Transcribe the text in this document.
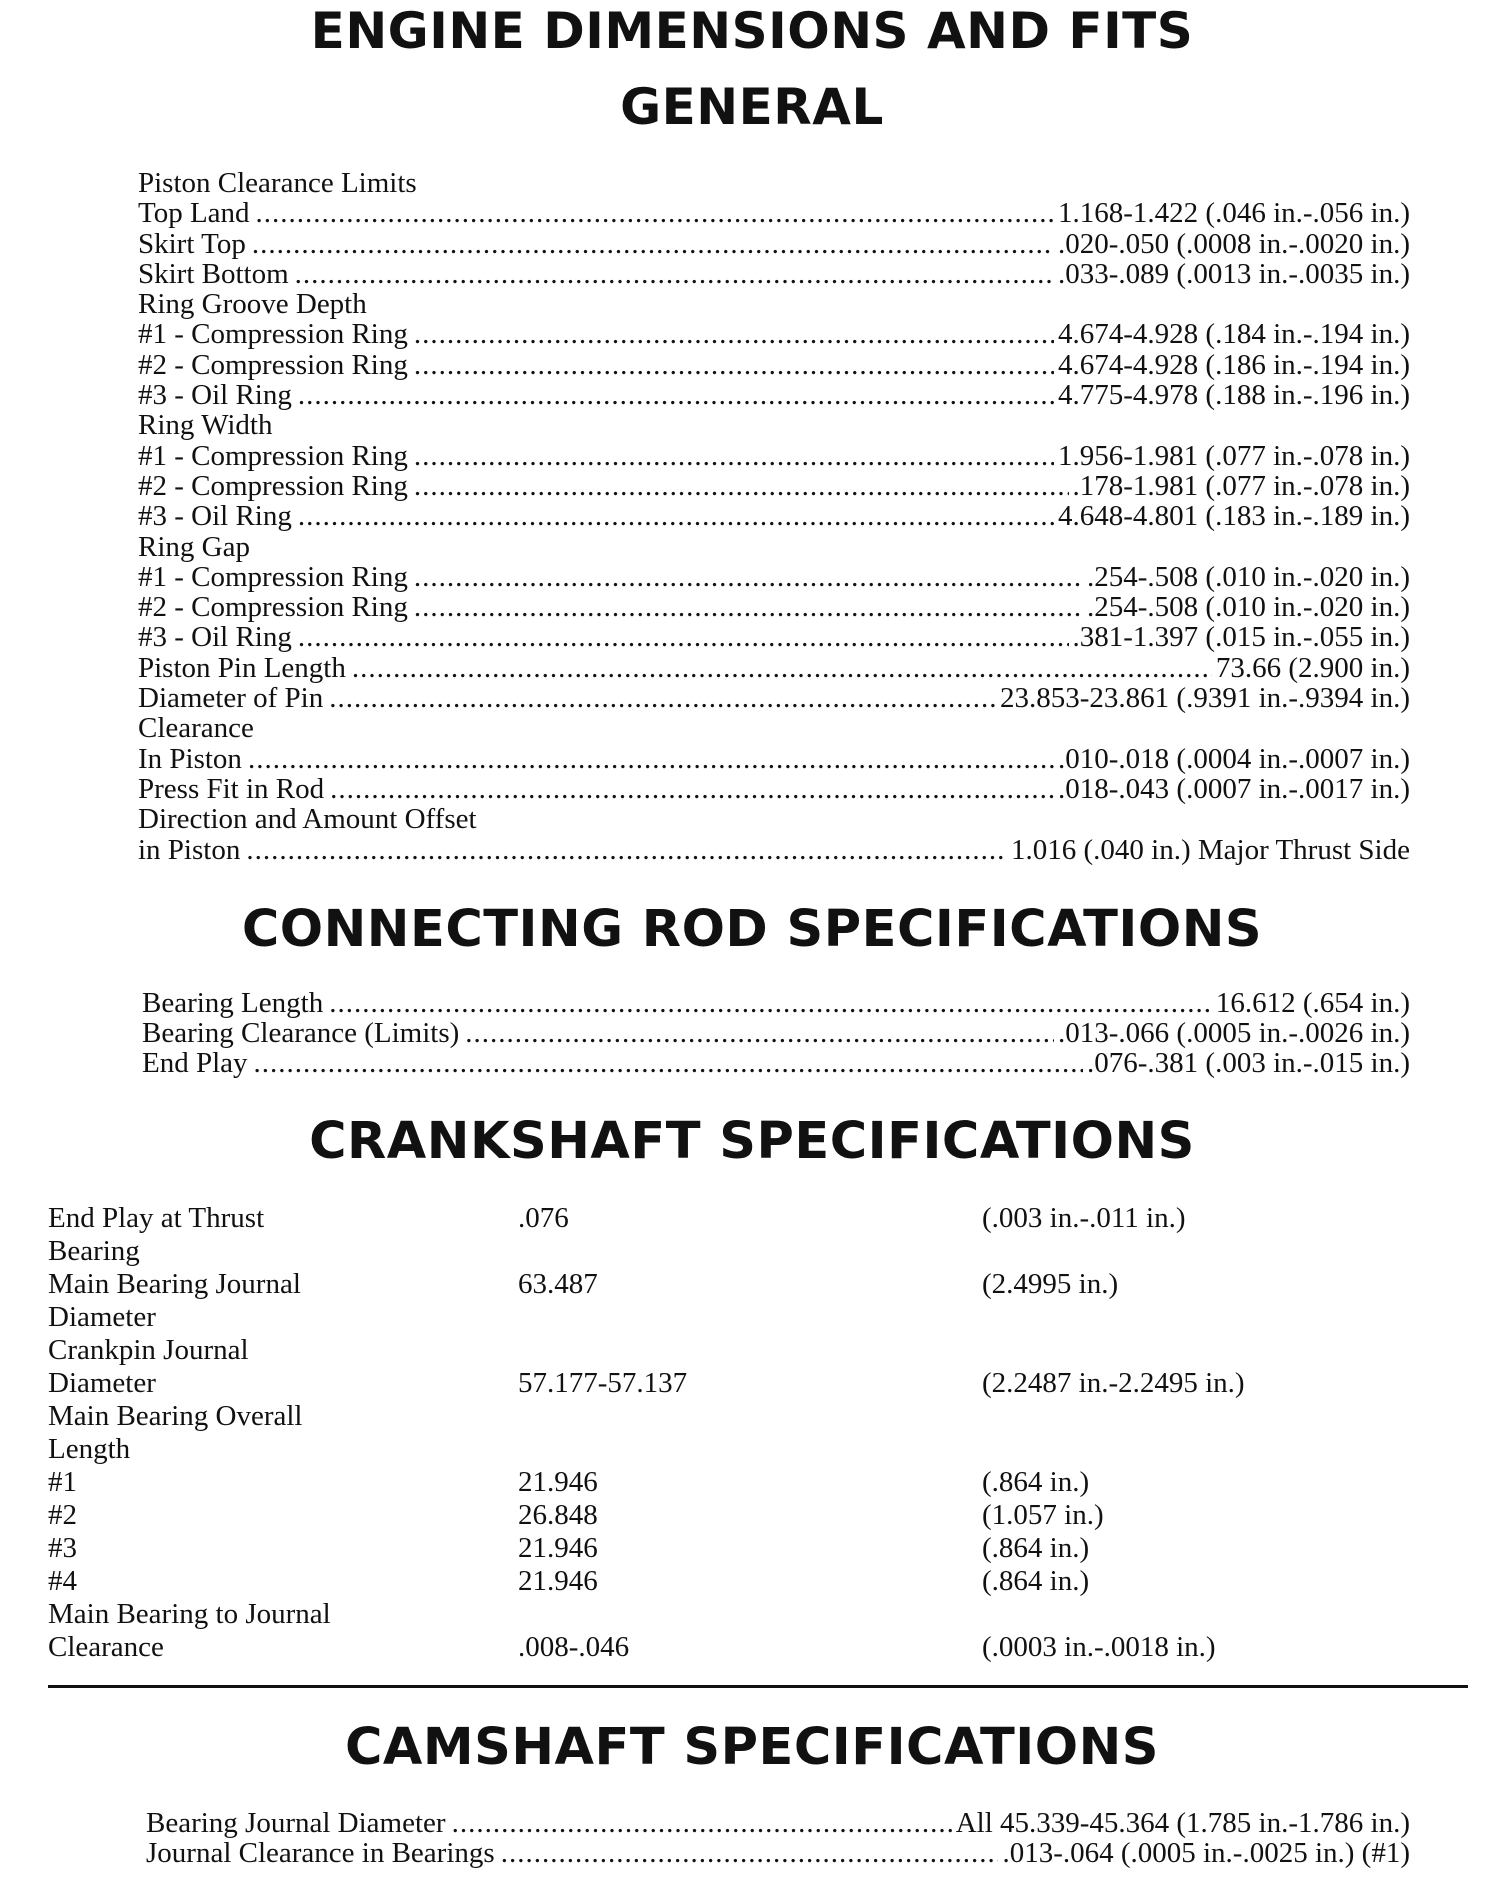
ENGINE DIMENSIONS AND FITS
GENERAL
Piston Clearance Limits
Top Land .....	1.168-1.422 (.046 in.-.056 in.)
Skirt Top .....	.020-.050 (.0008 in.-.0020 in.)
Skirt Bottom .....	.033-.089 (.0013 in.-.0035 in.)
Ring Groove Depth
#1 - Compression Ring .....	4.674-4.928 (.184 in.-.194 in.)
#2 - Compression Ring .....	4.674-4.928 (.186 in.-.194 in.)
#3 - Oil Ring .....	4.775-4.978 (.188 in.-.196 in.)
Ring Width
#1 - Compression Ring .....	1.956-1.981 (.077 in.-.078 in.)
#2 - Compression Ring .....	.178-1.981 (.077 in.-.078 in.)
#3 - Oil Ring .....	4.648-4.801 (.183 in.-.189 in.)
Ring Gap
#1 - Compression Ring .....	.254-.508 (.010 in.-.020 in.)
#2 - Compression Ring .....	.254-.508 (.010 in.-.020 in.)
#3 - Oil Ring .....	.381-1.397 (.015 in.-.055 in.)
Piston Pin Length .....	73.66 (2.900 in.)
Diameter of Pin .....	23.853-23.861 (.9391 in.-.9394 in.)
Clearance
In Piston .....	.010-.018 (.0004 in.-.0007 in.)
Press Fit in Rod .....	.018-.043 (.0007 in.-.0017 in.)
Direction and Amount Offset
in Piston .....	1.016 (.040 in.) Major Thrust Side
CONNECTING ROD SPECIFICATIONS
Bearing Length .....	16.612 (.654 in.)
Bearing Clearance (Limits) .....	.013-.066 (.0005 in.-.0026 in.)
End Play .....	.076-.381 (.003 in.-.015 in.)
CRANKSHAFT SPECIFICATIONS
End Play at Thrust	.076	(.003 in.-.011 in.)
Bearing
Main Bearing Journal	63.487	(2.4995 in.)
Diameter
Crankpin Journal
Diameter	57.177-57.137	(2.2487 in.-2.2495 in.)
Main Bearing Overall
Length
#1	21.946	(.864 in.)
#2	26.848	(1.057 in.)
#3	21.946	(.864 in.)
#4	21.946	(.864 in.)
Main Bearing to Journal
Clearance	.008-.046	(.0003 in.-.0018 in.)
CAMSHAFT SPECIFICATIONS
Bearing Journal Diameter .....	All 45.339-45.364 (1.785 in.-1.786 in.)
Journal Clearance in Bearings .....	.013-.064 (.0005 in.-.0025 in.) (#1)
